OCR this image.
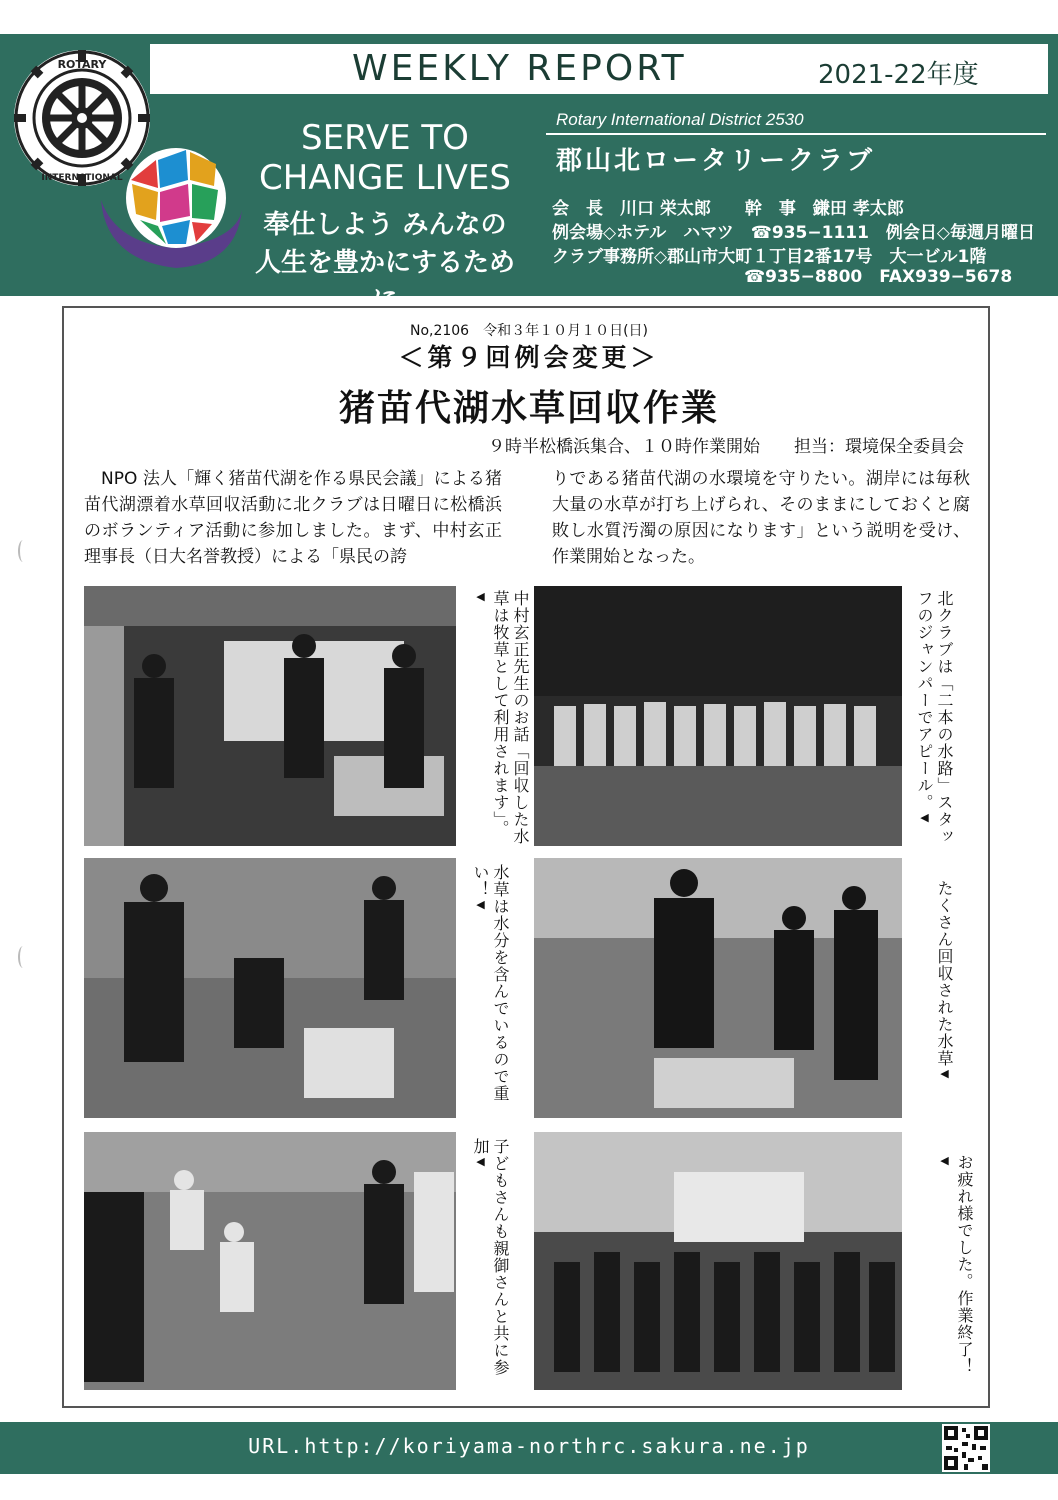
WEEKLY REPORT	2021-22年度
ROTARY
INTERNATIONAL
SERVE TO
CHANGE LIVES
奉仕しよう みんなの
人生を豊かにするために
Rotary International District 2530
郡山北ロータリークラブ
会　長　川口 栄太郎　　幹　事　鎌田 孝太郎
例会場◇ホテル　ハマツ　☎935−1111　例会日◇毎週月曜日
クラブ事務所◇郡山市大町１丁目2番17号　大一ビル1階
☎935−8800　FAX939−5678
No,2106　令和３年１０月１０日(日)
＜第９回例会変更＞
猪苗代湖水草回収作業
９時半松橋浜集合、１０時作業開始　　担当：環境保全委員会
NPO 法人「輝く猪苗代湖を作る県民会議」による猪苗代湖漂着水草回収活動に北クラブは日曜日に松橋浜のボランティア活動に参加しました。まず、中村玄正理事長（日大名誉教授）による「県民の誇
りである猪苗代湖の水環境を守りたい。湖岸には毎秋大量の水草が打ち上げられ、そのままにしておくと腐敗し水質汚濁の原因になります」という説明を受け、作業開始となった。
中村玄正先生のお話「回収した水草は牧草として利用されます」。◀	北クラブは「二本の水路」スタッフのジャンパーでアピール。◀
水草は水分を含んでいるので重い！◀	たくさん回収された水草◀
子どもさんも親御さんと共に参加◀	お疲れ様でした。作業終了！◀
URL.http://koriyama-northrc.sakura.ne.jp
